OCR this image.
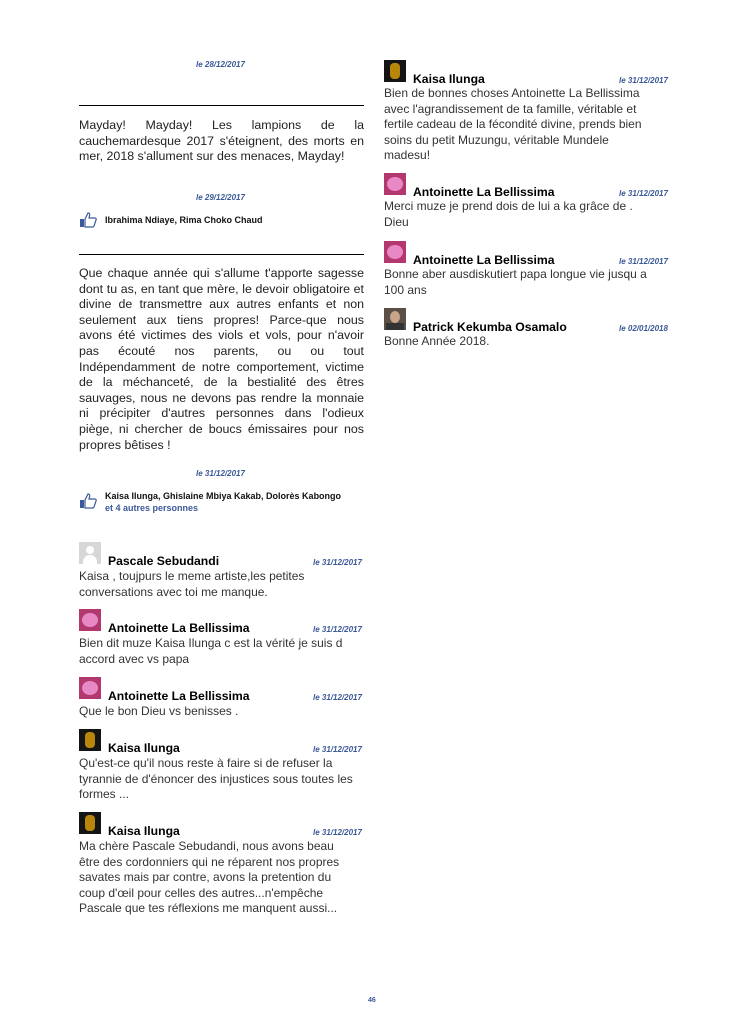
le 28/12/2017
Mayday! Mayday! Les lampions de la cauchemardesque 2017 s'éteignent, des morts en mer, 2018 s'allument sur des menaces, Mayday!
le 29/12/2017
Ibrahima Ndiaye, Rima Choko Chaud
Que chaque année qui s'allume t'apporte sagesse dont tu as, en tant que mère, le devoir obligatoire et divine de transmettre aux autres enfants et non seulement aux tiens propres! Parce-que nous avons été victimes des viols et vols, pour n'avoir pas écouté nos parents, ou ou tout Indépendamment de notre comportement, victime de la méchanceté, de la bestialité des êtres sauvages, nous ne devons pas rendre la monnaie ni précipiter d'autres personnes dans l'odieux piège, ni chercher de boucs émissaires pour nos propres bêtises !
le 31/12/2017
Kaisa Ilunga, Ghislaine Mbiya Kakab, Dolorès Kabongo
et 4 autres personnes
Pascale Sebudandi	le 31/12/2017
Kaisa , toujpurs le meme artiste,les petites
conversations avec toi me manque.
Antoinette La Bellissima	le 31/12/2017
Bien dit muze Kaisa Ilunga c est la vérité je suis d
accord avec vs papa
Antoinette La Bellissima	le 31/12/2017
Que le bon Dieu vs benisses .
Kaisa Ilunga	le 31/12/2017
Qu'est-ce qu'il nous reste à faire si de refuser la
tyrannie de d'énoncer des injustices sous toutes les
formes ...
Kaisa Ilunga	le 31/12/2017
Ma chère Pascale Sebudandi, nous avons beau
être des cordonniers qui ne réparent nos propres
savates mais par contre, avons la pretention du
coup d'œil pour celles des autres...n'empêche
Pascale que tes réflexions me manquent aussi...
Kaisa Ilunga	le 31/12/2017
Bien de bonnes choses Antoinette La Bellissima
avec l'agrandissement de ta famille, véritable et
fertile cadeau de la fécondité divine, prends bien
soins du petit Muzungu, véritable Mundele
madesu!
Antoinette La Bellissima	le 31/12/2017
Merci muze je prend dois de lui a ka grâce de .
Dieu
Antoinette La Bellissima	le 31/12/2017
Bonne aber ausdiskutiert papa longue vie jusqu a
100 ans
Patrick Kekumba Osamalo	le 02/01/2018
Bonne Année 2018.
46
